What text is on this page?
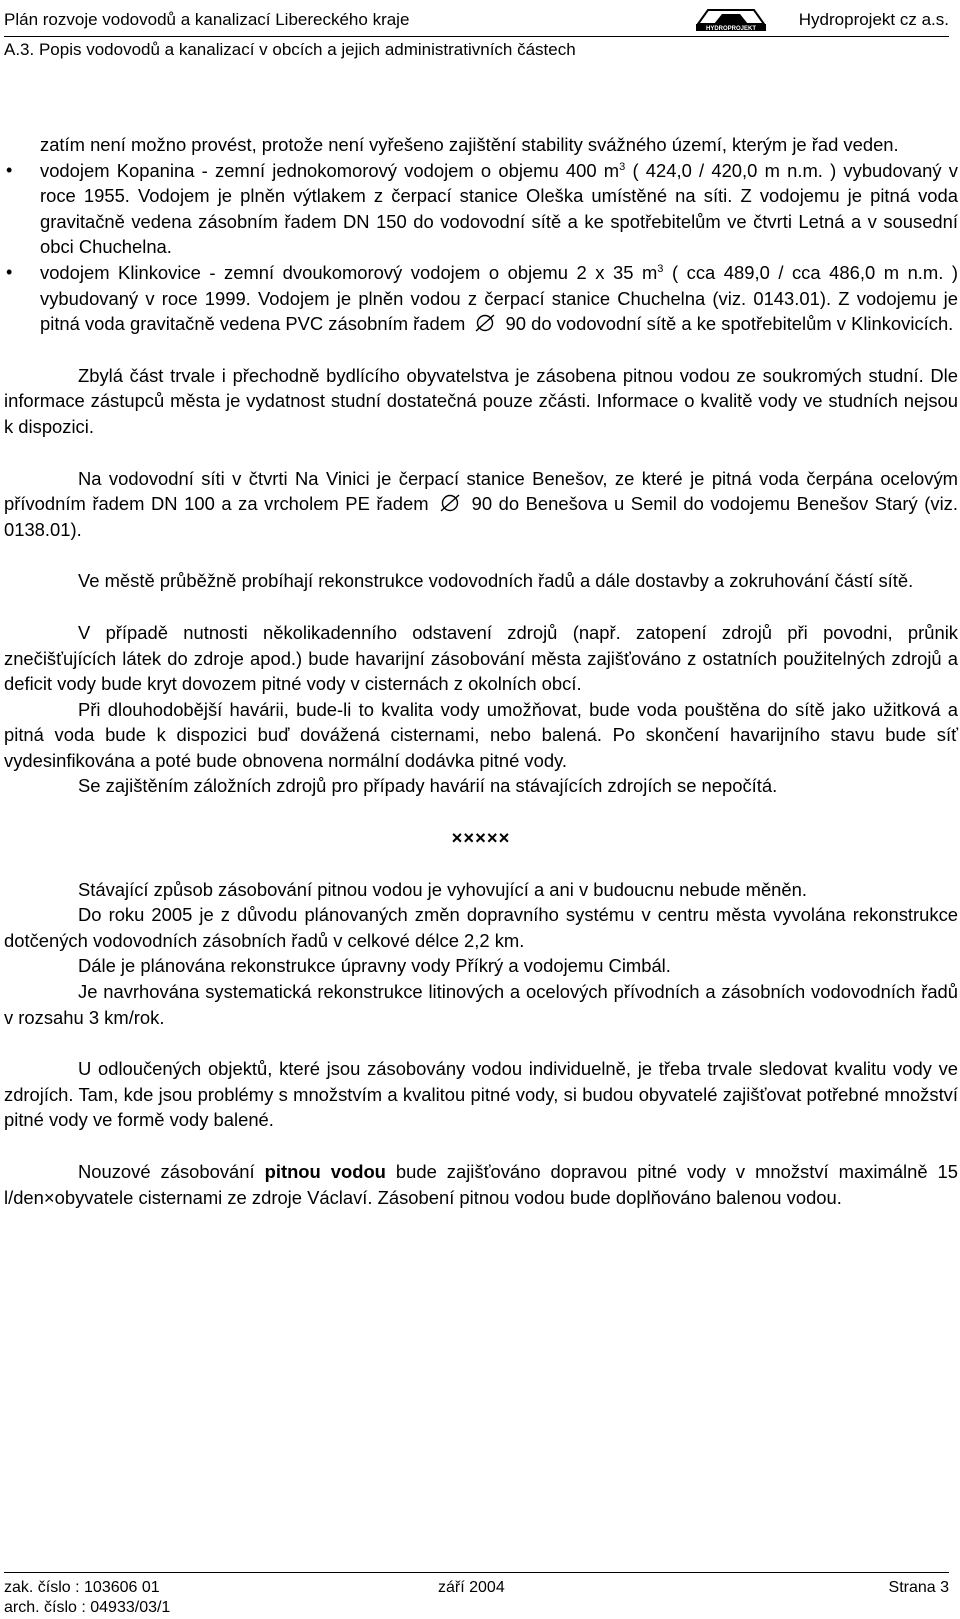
Plán rozvoje vodovodů a kanalizací Libereckého kraje	HYDROPROJEKT	Hydroprojekt cz a.s.
A.3. Popis vodovodů a kanalizací v obcích a jejich administrativních částech

zatím není možno provést, protože není vyřešeno zajištění stability svážného území, kterým je řad veden.

• vodojem Kopanina - zemní jednokomorový vodojem o objemu 400 $m^3$ ( 424,0 / 420,0 m n.m. ) vybudovaný v roce 1955. Vodojem je plněn výtlakem z čerpací stanice Oleška umístěné na síti. Z vodojemu je pitná voda gravitačně vedena zásobním řadem DN 150 do vodovodní sítě a ke spotřebitelům ve čtvrti Letná a v sousední obci Chuchelna.

• vodojem Klinkovice - zemní dvoukomorový vodojem o objemu 2 x 35 $m^3$ ( cca 489,0 / cca 486,0 m n.m. ) vybudovaný v roce 1999. Vodojem je plněn vodou z čerpací stanice Chuchelna (viz. 0143.01). Z vodojemu je pitná voda gravitačně vedena PVC zásobním řadem 90 do vodovodní sítě a ke spotřebitelům v Klinkovicích.

Zbylá část trvale i přechodně bydlícího obyvatelstva je zásobena pitnou vodou ze soukromých studní. Dle informace zástupců města je vydatnost studní dostatečná pouze zčásti. Informace o kvalitě vody ve studních nejsou k dispozici.

Na vodovodní síti v čtvrti Na Vinici je čerpací stanice Benešov, ze které je pitná voda čerpána ocelovým přívodním řadem DN 100 a za vrcholem PE řadem 90 do Benešova u Semil do vodojemu Benešov Starý (viz. 0138.01).

Ve městě průběžně probíhají rekonstrukce vodovodních řadů a dále dostavby a zokruhování částí sítě.

V případě nutnosti několikadenního odstavení zdrojů (např. zatopení zdrojů při povodni, průnik znečišťujících látek do zdroje apod.) bude havarijní zásobování města zajišťováno z ostatních použitelných zdrojů a deficit vody bude kryt dovozem pitné vody v cisternách z okolních obcí.

Při dlouhodobější havárii, bude-li to kvalita vody umožňovat, bude voda pouštěna do sítě jako užitková a pitná voda bude k dispozici buď dovážená cisternami, nebo balená. Po skončení havarijního stavu bude síť vydesinfikována a poté bude obnovena normální dodávka pitné vody.

Se zajištěním záložních zdrojů pro případy havárií na stávajících zdrojích se nepočítá.

×××××

Stávající způsob zásobování pitnou vodou je vyhovující a ani v budoucnu nebude měněn.

Do roku 2005 je z důvodu plánovaných změn dopravního systému v centru města vyvolána rekonstrukce dotčených vodovodních zásobních řadů v celkové délce 2,2 km.

Dále je plánována rekonstrukce úpravny vody Příkrý a vodojemu Cimbál.

Je navrhována systematická rekonstrukce litinových a ocelových přívodních a zásobních vodovodních řadů v rozsahu 3 km/rok.

U odloučených objektů, které jsou zásobovány vodou individuelně, je třeba trvale sledovat kvalitu vody ve zdrojích. Tam, kde jsou problémy s množstvím a kvalitou pitné vody, si budou obyvatelé zajišťovat potřebné množství pitné vody ve formě vody balené.

Nouzové zásobování pitnou vodou bude zajišťováno dopravou pitné vody v množství maximálně 15 l/den×obyvatele cisternami ze zdroje Václaví. Zásobení pitnou vodou bude doplňováno balenou vodou.

zak. číslo : 103606 01	září 2004	Strana 3
arch. číslo : 04933/03/1
